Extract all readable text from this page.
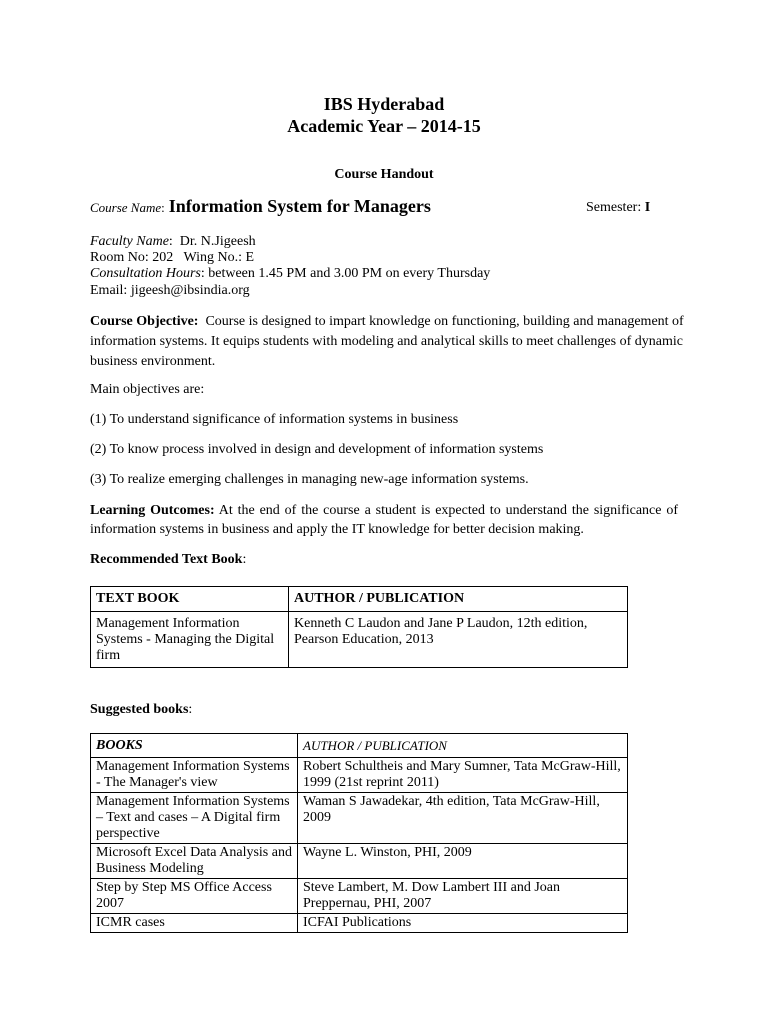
IBS Hyderabad
Academic Year – 2014-15
Course Handout
Course Name: Information System for Managers	Semester: I
Faculty Name:  Dr. N.Jigeesh
Room No: 202   Wing No.: E
Consultation Hours: between 1.45 PM and 3.00 PM on every Thursday
Email: jigeesh@ibsindia.org
Course Objective: Course is designed to impart knowledge on functioning, building and management of
information systems. It equips students with modeling and analytical skills to meet challenges of dynamic
business environment.
Main objectives are:
(1) To understand significance of information systems in business
(2) To know process involved in design and development of information systems
(3) To realize emerging challenges in managing new-age information systems.
Learning Outcomes: At the end of the course a student is expected to understand the significance of
information systems in business and apply the IT knowledge for better decision making.
Recommended Text Book:
TEXT BOOK	AUTHOR / PUBLICATION
Management Information Systems - Managing the Digital firm	Kenneth C Laudon and Jane P Laudon, 12th edition, Pearson Education, 2013
Suggested books:
BOOKS	AUTHOR / PUBLICATION
Management Information Systems - The Manager's view	Robert Schultheis and Mary Sumner, Tata McGraw-Hill, 1999 (21st reprint 2011)
Management Information Systems – Text and cases – A Digital firm perspective	Waman S Jawadekar, 4th edition, Tata McGraw-Hill, 2009
Microsoft Excel Data Analysis and Business Modeling	Wayne L. Winston, PHI, 2009
Step by Step MS Office Access 2007	Steve Lambert, M. Dow Lambert III and Joan Preppernau, PHI, 2007
ICMR cases	ICFAI Publications
